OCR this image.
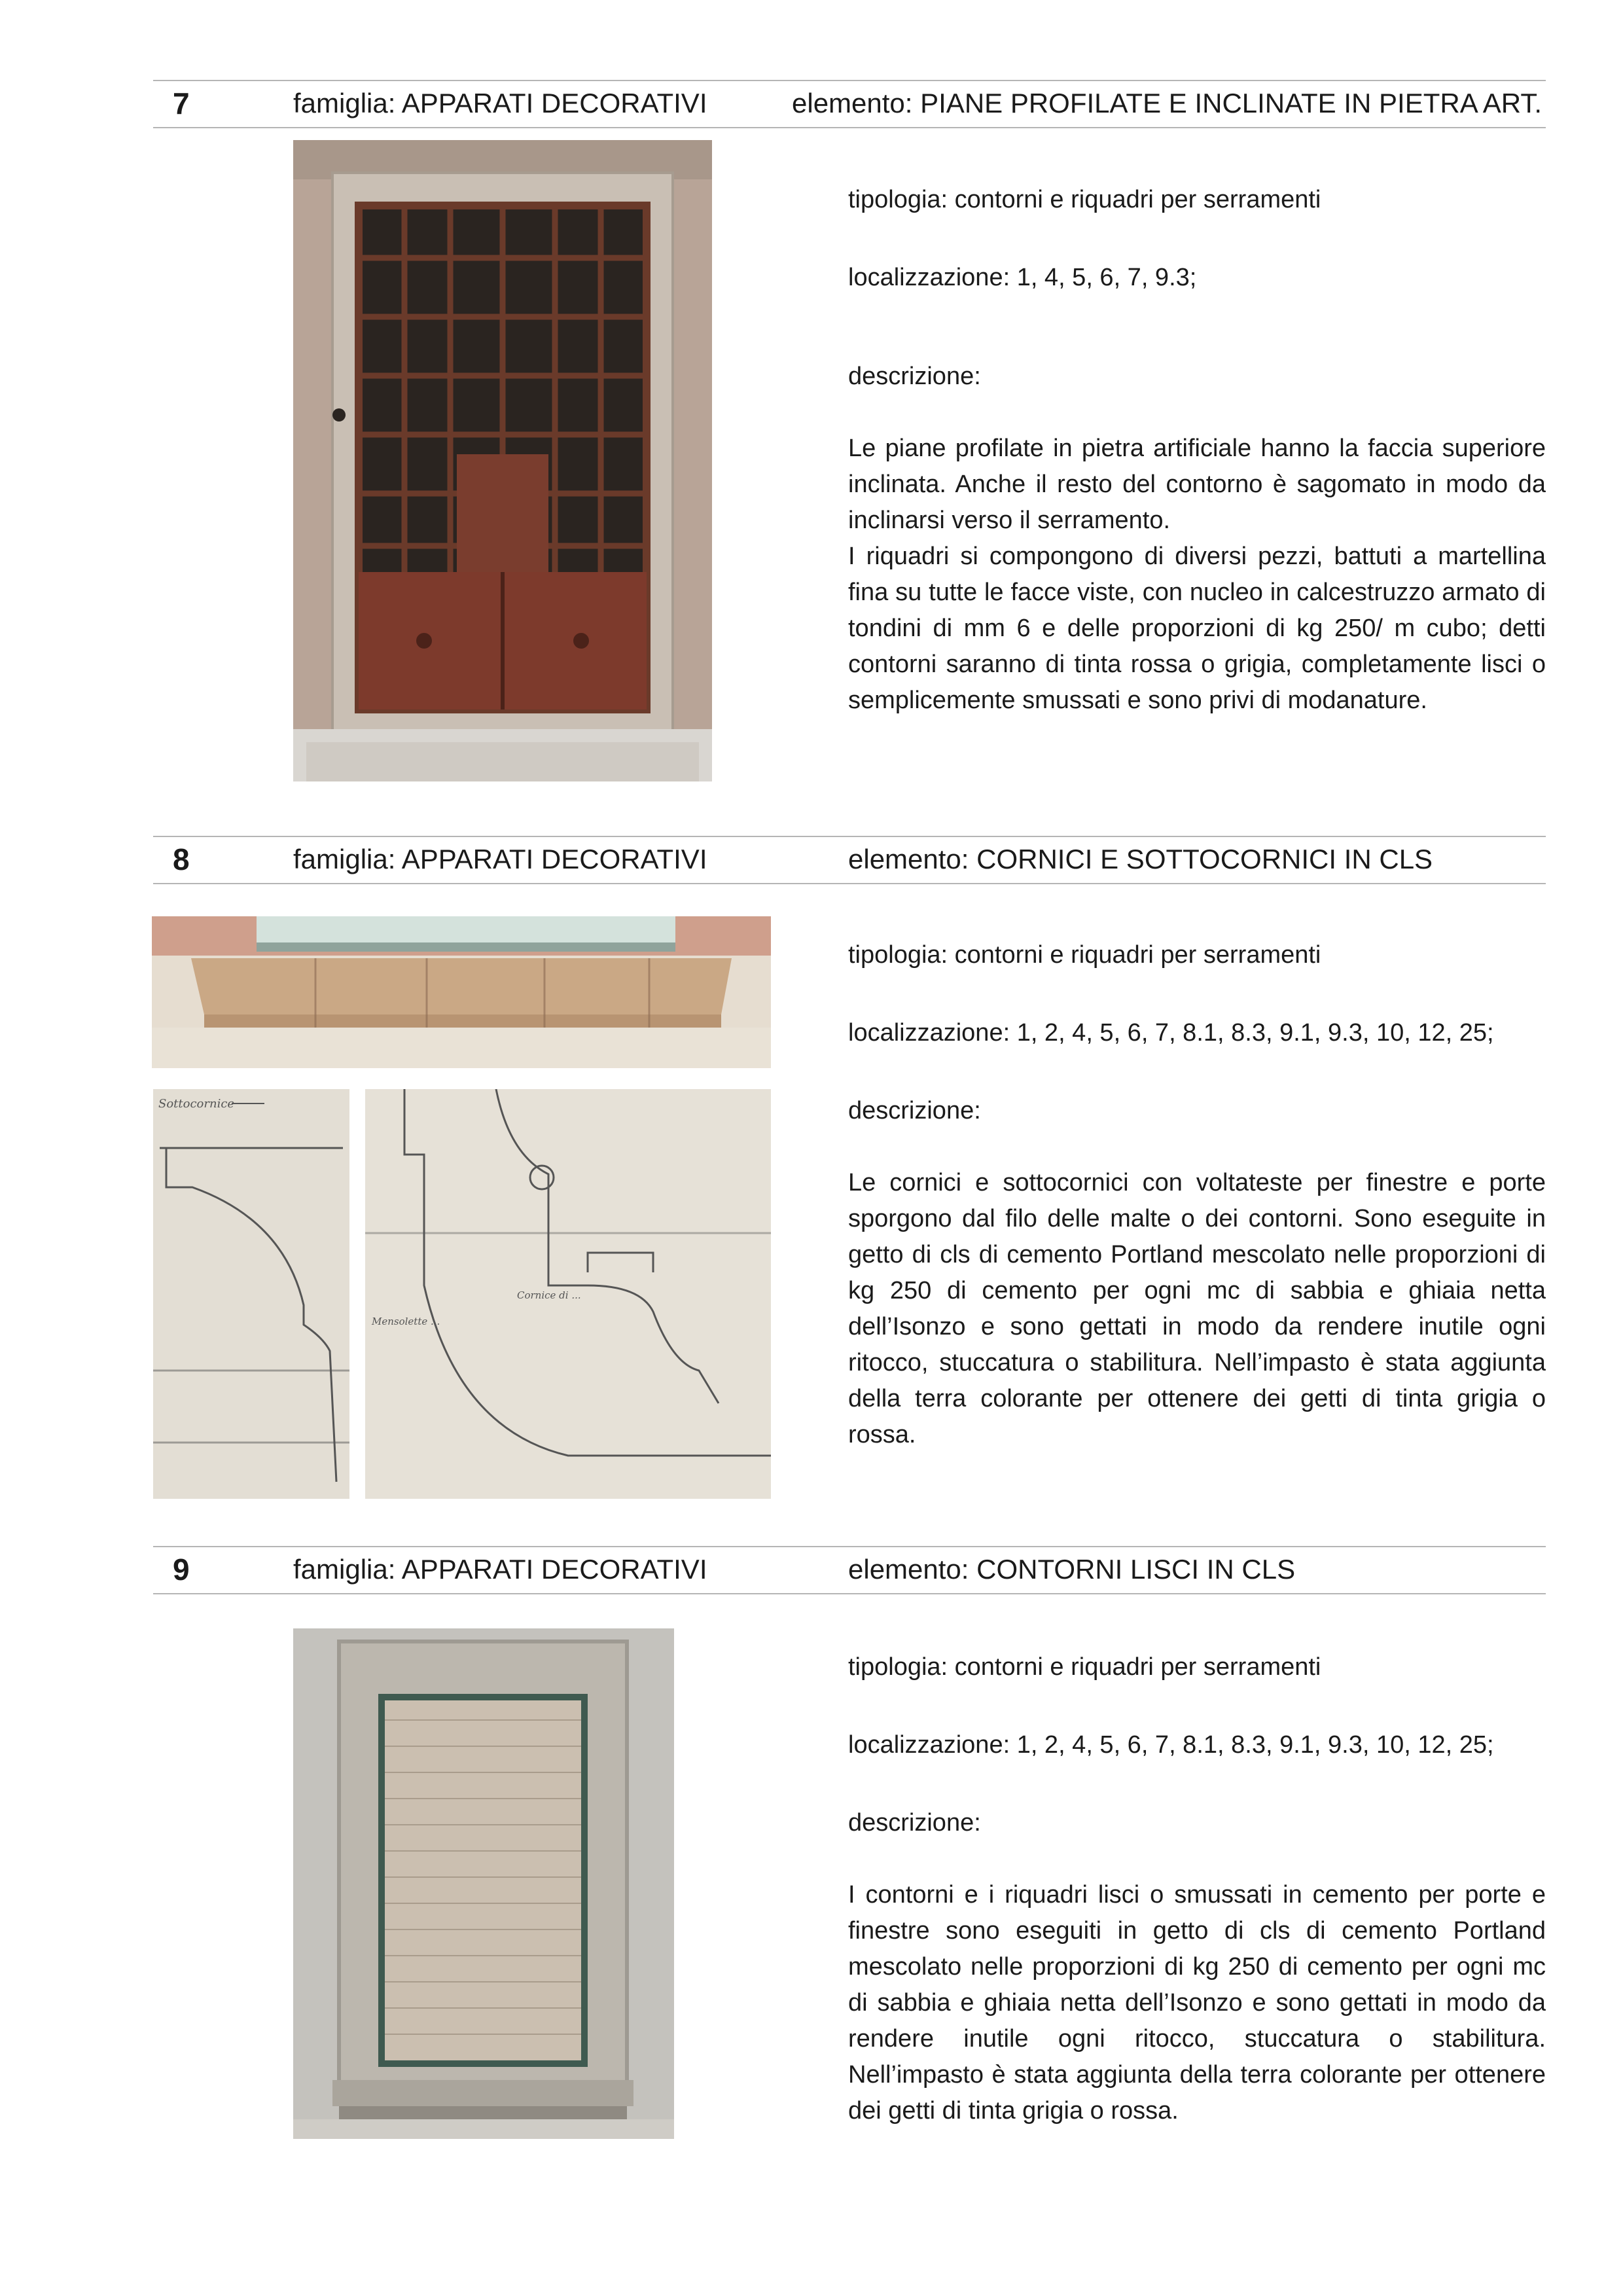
7	famiglia: APPARATI DECORATIVI	elemento: PIANE PROFILATE E INCLINATE IN PIETRA ART.

tipologia: contorni e riquadri per serramenti

localizzazione: 1, 4, 5, 6, 7, 9.3;

descrizione:

Le piane profilate in pietra artificiale hanno la faccia superiore inclinata. Anche il resto del contorno è sagomato in modo da inclinarsi verso il serramento.

I riquadri si compongono di diversi pezzi, battuti a martellina fina su tutte le facce viste, con nucleo in calcestruzzo armato di tondini di mm 6 e delle proporzioni di kg 250/ m cubo; detti contorni saranno di tinta rossa o grigia, completamente lisci o semplicemente smussati e sono privi di modanature.

8	famiglia: APPARATI DECORATIVI	elemento: CORNICI E SOTTOCORNICI IN CLS
Sottocornice
Cornice di ...
Mensolette ...

tipologia: contorni e riquadri per serramenti

localizzazione: 1, 2, 4, 5, 6, 7, 8.1, 8.3, 9.1, 9.3, 10, 12, 25;

descrizione:

Le cornici e sottocornici con voltateste per finestre e porte sporgono dal filo delle malte o dei contorni. Sono eseguite in getto di cls di cemento Portland mescolato nelle proporzioni di kg 250 di cemento per ogni mc di sabbia e ghiaia netta dell’Isonzo e sono gettati in modo da rendere inutile ogni ritocco, stuccatura o stabilitura. Nell’impasto è stata aggiunta della terra colorante per ottenere dei getti di tinta grigia o rossa.

9	famiglia: APPARATI DECORATIVI	elemento: CONTORNI LISCI IN CLS

tipologia: contorni e riquadri per serramenti

localizzazione: 1, 2, 4, 5, 6, 7, 8.1, 8.3, 9.1, 9.3, 10, 12, 25;

descrizione:

I contorni e i riquadri lisci o smussati in cemento per porte e finestre sono eseguiti in getto di cls di cemento Portland mescolato nelle proporzioni di kg 250 di cemento per ogni mc di sabbia e ghiaia netta dell’Isonzo e sono gettati in modo da rendere inutile ogni ritocco, stuccatura o stabilitura. Nell’impasto è stata aggiunta della terra colorante per ottenere dei getti di tinta grigia o rossa.
